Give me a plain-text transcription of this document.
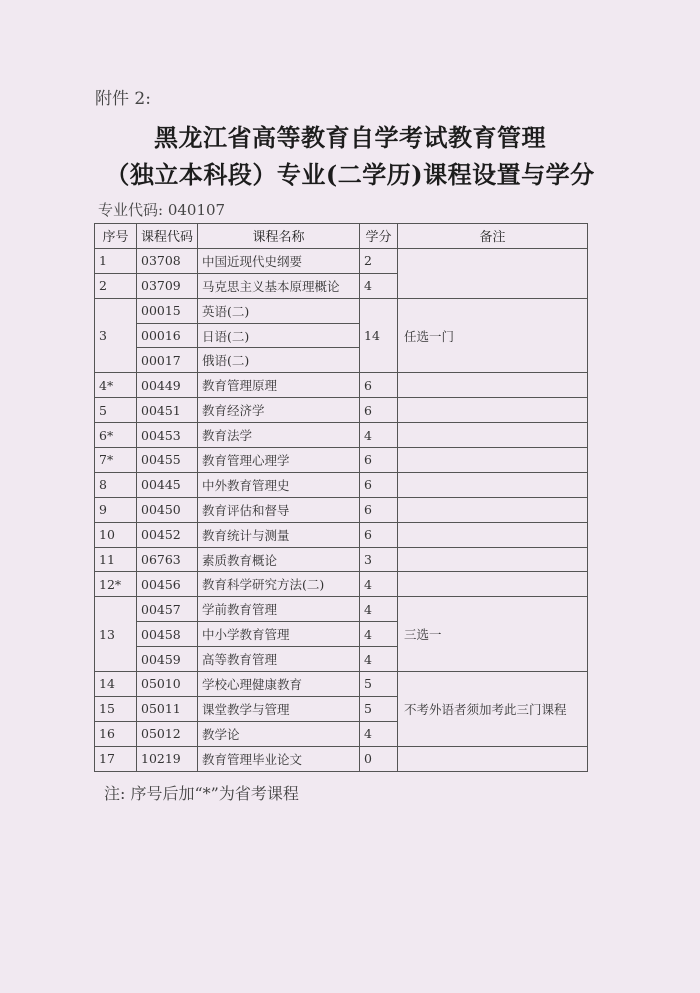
附件 2:
黑龙江省高等教育自学考试教育管理
（独立本科段）专业(二学历)课程设置与学分
专业代码: 040107
序号	课程代码	课程名称	学分	备注
1	03708	中国近现代史纲要	2	
2	03709	马克思主义基本原理概论	4	
3	00015	英语(二)	14	任选一门
	00016	日语(二)		
	00017	俄语(二)		
4*	00449	教育管理原理	6	
5	00451	教育经济学	6	
6*	00453	教育法学	4	
7*	00455	教育管理心理学	6	
8	00445	中外教育管理史	6	
9	00450	教育评估和督导	6	
10	00452	教育统计与测量	6	
11	06763	素质教育概论	3	
12*	00456	教育科学研究方法(二)	4	
13	00457	学前教育管理	4	三选一
	00458	中小学教育管理	4	
	00459	高等教育管理	4	
14	05010	学校心理健康教育	5	不考外语者须加考此三门课程
15	05011	课堂教学与管理	5	
16	05012	教学论	4	
17	10219	教育管理毕业论文	0	
注: 序号后加“*”为省考课程
